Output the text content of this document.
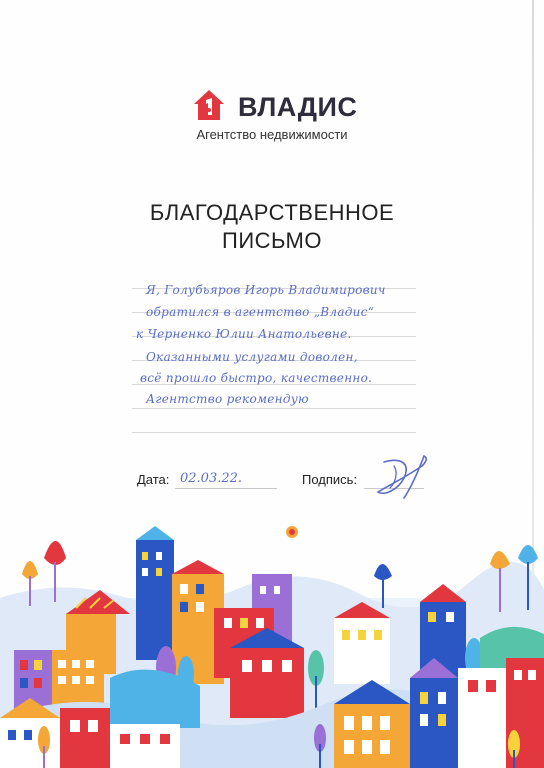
ВЛАДИС
Агентство недвижимости
БЛАГОДАРСТВЕННОЕ
ПИСЬМО
Я, Голубьяров Игорь Владимирович
обратился в агентство „Владис“
к Черненко Юлии Анатольевне.
Оказанными услугами доволен,
всё прошло быстро, качественно.
Агентство рекомендую
Дата: 02.03.22.	Подпись:
